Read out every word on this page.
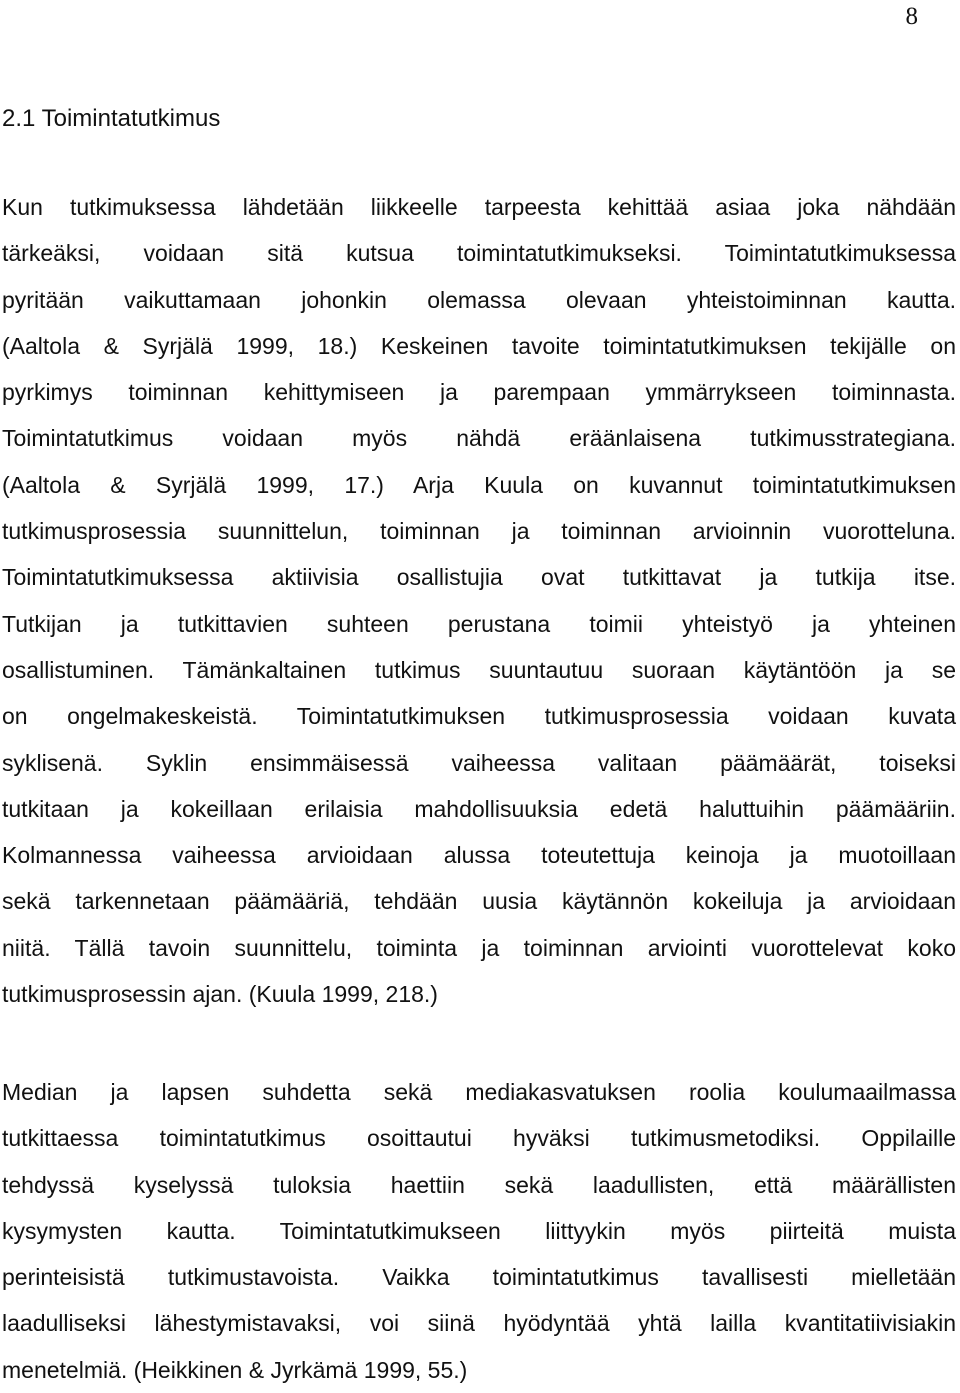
8
2.1 Toimintatutkimus
Kun tutkimuksessa lähdetään liikkeelle tarpeesta kehittää asiaa joka nähdään
tärkeäksi, voidaan sitä kutsua toimintatutkimukseksi. Toimintatutkimuksessa
pyritään vaikuttamaan johonkin olemassa olevaan yhteistoiminnan kautta.
(Aaltola & Syrjälä 1999, 18.) Keskeinen tavoite toimintatutkimuksen tekijälle on
pyrkimys toiminnan kehittymiseen ja parempaan ymmärrykseen toiminnasta.
Toimintatutkimus voidaan myös nähdä eräänlaisena tutkimusstrategiana.
(Aaltola & Syrjälä 1999, 17.) Arja Kuula on kuvannut toimintatutkimuksen
tutkimusprosessia suunnittelun, toiminnan ja toiminnan arvioinnin vuorotteluna.
Toimintatutkimuksessa aktiivisia osallistujia ovat tutkittavat ja tutkija itse.
Tutkijan ja tutkittavien suhteen perustana toimii yhteistyö ja yhteinen
osallistuminen. Tämänkaltainen tutkimus suuntautuu suoraan käytäntöön ja se
on ongelmakeskeistä. Toimintatutkimuksen tutkimusprosessia voidaan kuvata
syklisenä. Syklin ensimmäisessä vaiheessa valitaan päämäärät, toiseksi
tutkitaan ja kokeillaan erilaisia mahdollisuuksia edetä haluttuihin päämääriin.
Kolmannessa vaiheessa arvioidaan alussa toteutettuja keinoja ja muotoillaan
sekä tarkennetaan päämääriä, tehdään uusia käytännön kokeiluja ja arvioidaan
niitä. Tällä tavoin suunnittelu, toiminta ja toiminnan arviointi vuorottelevat koko
tutkimusprosessin ajan. (Kuula 1999, 218.)
Median ja lapsen suhdetta sekä mediakasvatuksen roolia koulumaailmassa
tutkittaessa toimintatutkimus osoittautui hyväksi tutkimusmetodiksi. Oppilaille
tehdyssä kyselyssä tuloksia haettiin sekä laadullisten, että määrällisten
kysymysten kautta. Toimintatutkimukseen liittyykin myös piirteitä muista
perinteisistä tutkimustavoista. Vaikka toimintatutkimus tavallisesti mielletään
laadulliseksi lähestymistavaksi, voi siinä hyödyntää yhtä lailla kvantitatiivisiakin
menetelmiä. (Heikkinen & Jyrkämä 1999, 55.)
